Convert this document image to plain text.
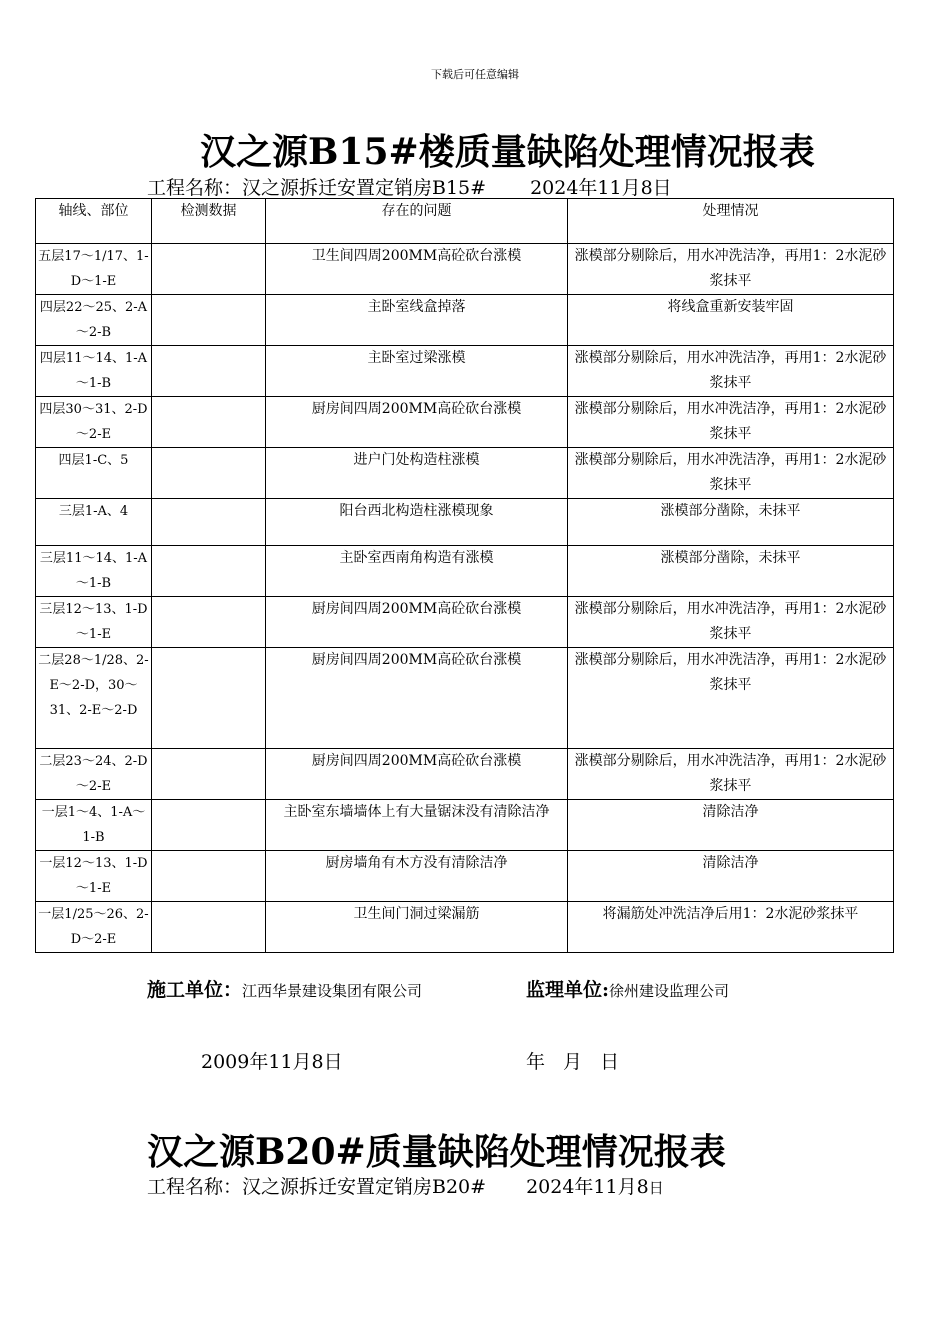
下载后可任意编辑
汉之源B15#楼质量缺陷处理情况报表
工程名称：汉之源拆迁安置定销房B15# 2024年11月8日
轴线、部位	检测数据	存在的问题	处理情况
五层17～1/17、1-D～1-E		卫生间四周200MM高砼砍台涨模	涨模部分剔除后，用水冲洗洁净，再用1：2水泥砂浆抹平
四层22～25、2-A～2-B		主卧室线盒掉落	将线盒重新安装牢固
四层11～14、1-A～1-B		主卧室过梁涨模	涨模部分剔除后，用水冲洗洁净，再用1：2水泥砂浆抹平
四层30～31、2-D～2-E		厨房间四周200MM高砼砍台涨模	涨模部分剔除后，用水冲洗洁净，再用1：2水泥砂浆抹平
四层1-C、5		进户门处构造柱涨模	涨模部分剔除后，用水冲洗洁净，再用1：2水泥砂浆抹平
三层1-A、4		阳台西北构造柱涨模现象	涨模部分凿除，未抹平
三层11～14、1-A～1-B		主卧室西南角构造有涨模	涨模部分凿除，未抹平
三层12～13、1-D～1-E		厨房间四周200MM高砼砍台涨模	涨模部分剔除后，用水冲洗洁净，再用1：2水泥砂浆抹平
二层28～1/28、2-E～2-D，30～31、2-E～2-D		厨房间四周200MM高砼砍台涨模	涨模部分剔除后，用水冲洗洁净，再用1：2水泥砂浆抹平
二层23～24、2-D～2-E		厨房间四周200MM高砼砍台涨模	涨模部分剔除后，用水冲洗洁净，再用1：2水泥砂浆抹平
一层1～4、1-A～1-B		主卧室东墙墙体上有大量锯沫没有清除洁净	清除洁净
一层12～13、1-D～1-E		厨房墙角有木方没有清除洁净	清除洁净
一层1/25～26、2-D～2-E		卫生间门洞过梁漏筋	将漏筋处冲洗洁净后用1：2水泥砂浆抹平
施工单位：江西华景建设集团有限公司	监理单位:徐州建设监理公司
2009年11月8日	年 月 日
汉之源B20#质量缺陷处理情况报表
工程名称：汉之源拆迁安置定销房B20# 2024年11月8日
